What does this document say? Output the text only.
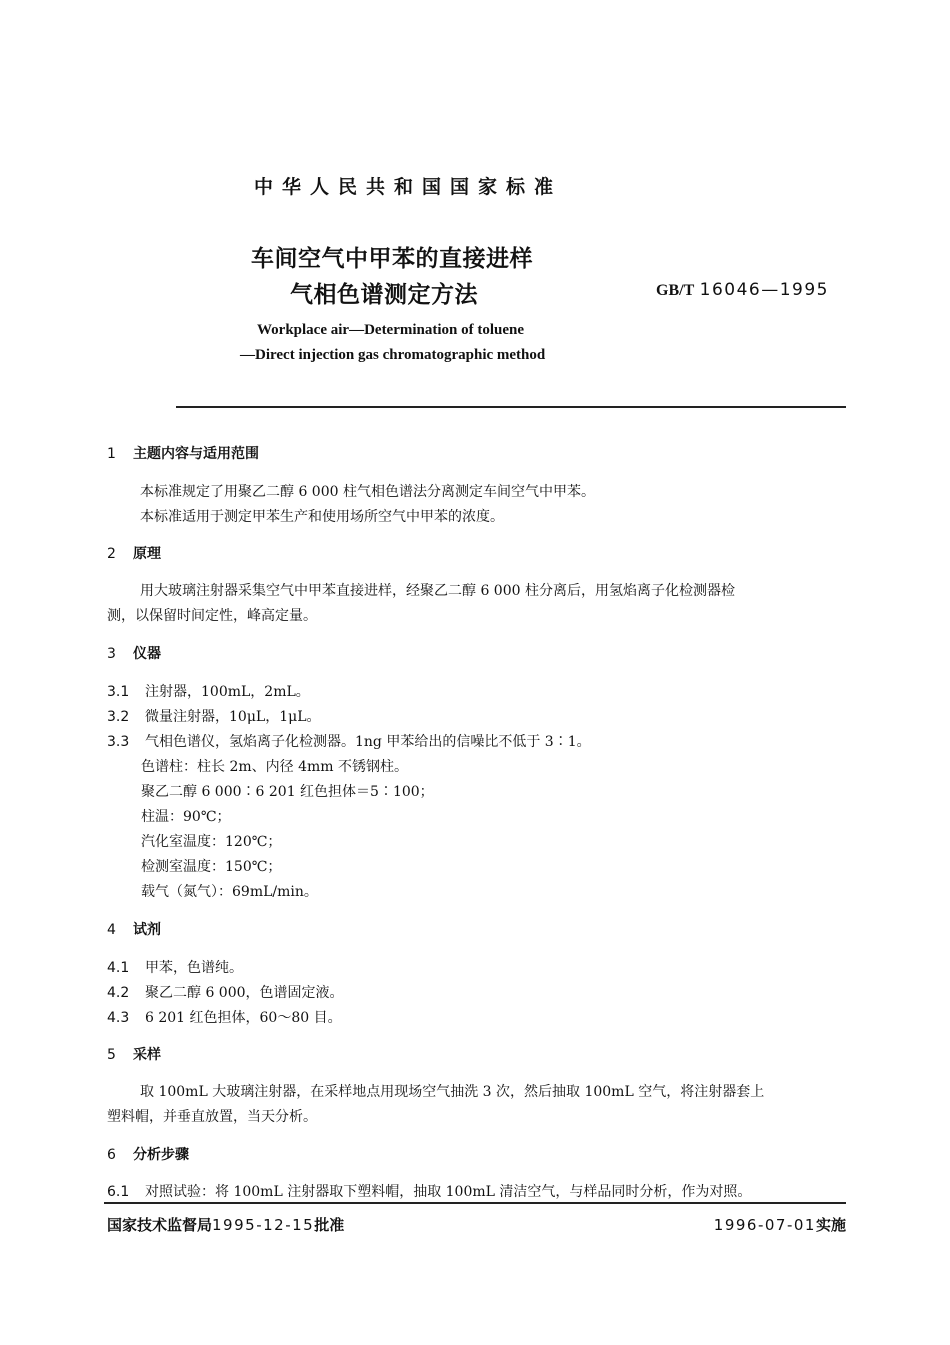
中华人民共和国国家标准
车间空气中甲苯的直接进样
气相色谱测定方法	GB/T 16046—1995
Workplace air—Determination of toluene
—Direct injection gas chromatographic method
1 主题内容与适用范围
本标准规定了用聚乙二醇 6 000 柱气相色谱法分离测定车间空气中甲苯。
本标准适用于测定甲苯生产和使用场所空气中甲苯的浓度。
2 原理
用大玻璃注射器采集空气中甲苯直接进样，经聚乙二醇 6 000 柱分离后，用氢焰离子化检测器检
测，以保留时间定性，峰高定量。
3 仪器
3.1 注射器，100mL，2mL。
3.2 微量注射器，10μL，1μL。
3.3 气相色谱仪，氢焰离子化检测器。1ng 甲苯给出的信噪比不低于 3∶1。
色谱柱：柱长 2m、内径 4mm 不锈钢柱。
聚乙二醇 6 000∶6 201 红色担体＝5∶100；
柱温：90℃；
汽化室温度：120℃；
检测室温度：150℃；
载气（氮气）：69mL/min。
4 试剂
4.1 甲苯，色谱纯。
4.2 聚乙二醇 6 000，色谱固定液。
4.3 6 201 红色担体，60～80 目。
5 采样
取 100mL 大玻璃注射器，在采样地点用现场空气抽洗 3 次，然后抽取 100mL 空气，将注射器套上
塑料帽，并垂直放置，当天分析。
6 分析步骤
6.1 对照试验：将 100mL 注射器取下塑料帽，抽取 100mL 清洁空气，与样品同时分析，作为对照。
国家技术监督局1995-12-15批准	1996-07-01实施
